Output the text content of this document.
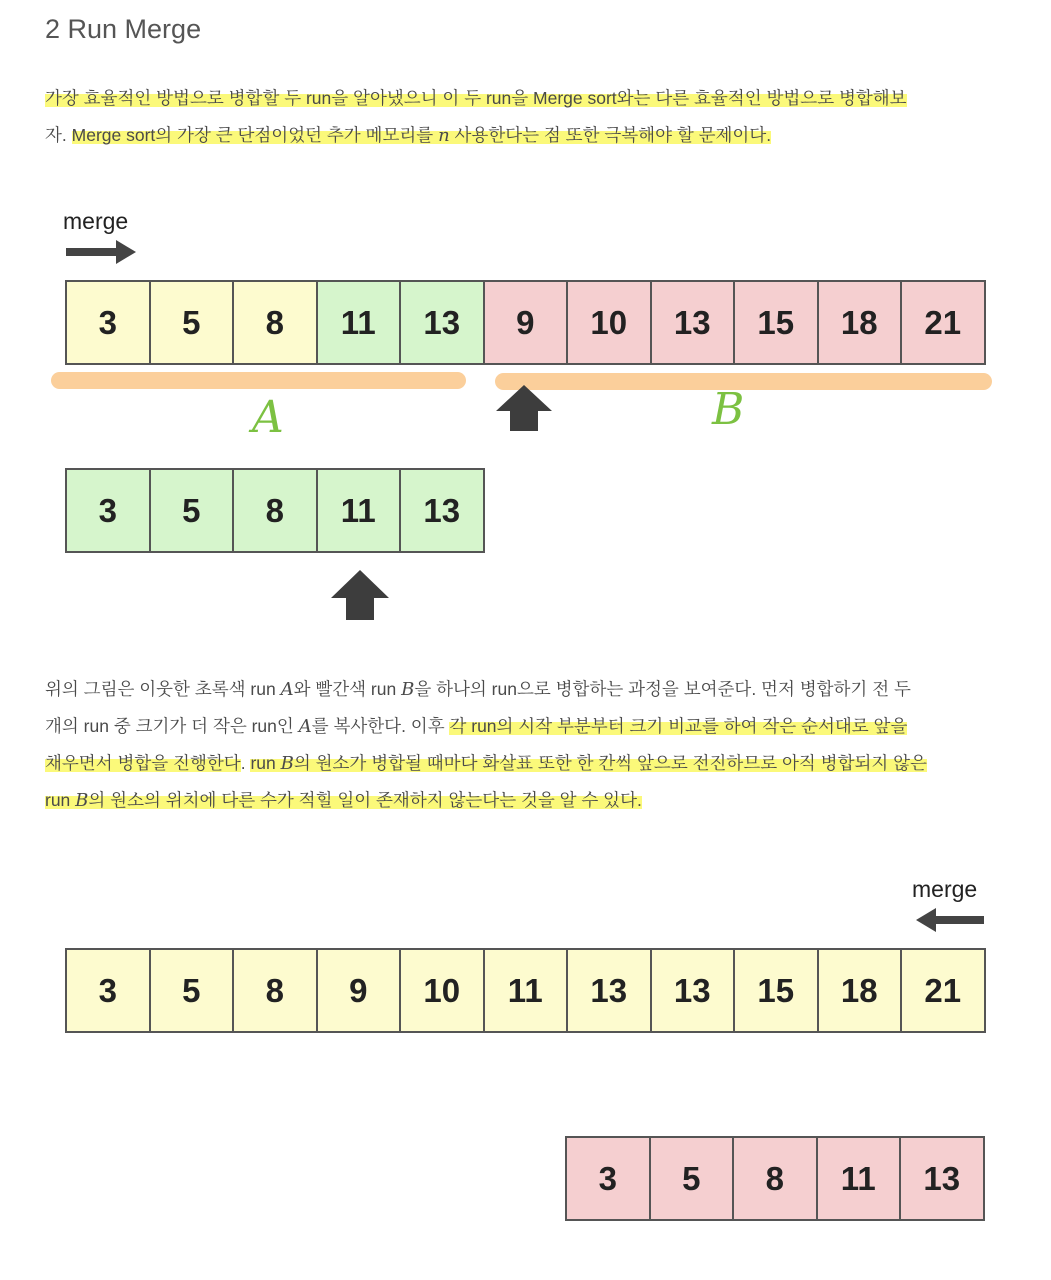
2 Run Merge
가장 효율적인 방법으로 병합할 두 run을 알아냈으니 이 두 run을 Merge sort와는 다른 효율적인 방법으로 병합해보
자. Merge sort의 가장 큰 단점이었던 추가 메모리를 n 사용한다는 점 또한 극복해야 할 문제이다.
merge
3	5	8	11	13	9	10	13	15	18	21
A	B
3	5	8	11	13
위의 그림은 이웃한 초록색 run A와 빨간색 run B을 하나의 run으로 병합하는 과정을 보여준다. 먼저 병합하기 전 두
개의 run 중 크기가 더 작은 run인 A를 복사한다. 이후 각 run의 시작 부분부터 크기 비교를 하여 작은 순서대로 앞을
채우면서 병합을 진행한다. run B의 원소가 병합될 때마다 화살표 또한 한 칸씩 앞으로 전진하므로 아직 병합되지 않은
run B의 원소의 위치에 다른 수가 적힐 일이 존재하지 않는다는 것을 알 수 있다.
merge
3	5	8	9	10	11	13	13	15	18	21
3	5	8	11	13
